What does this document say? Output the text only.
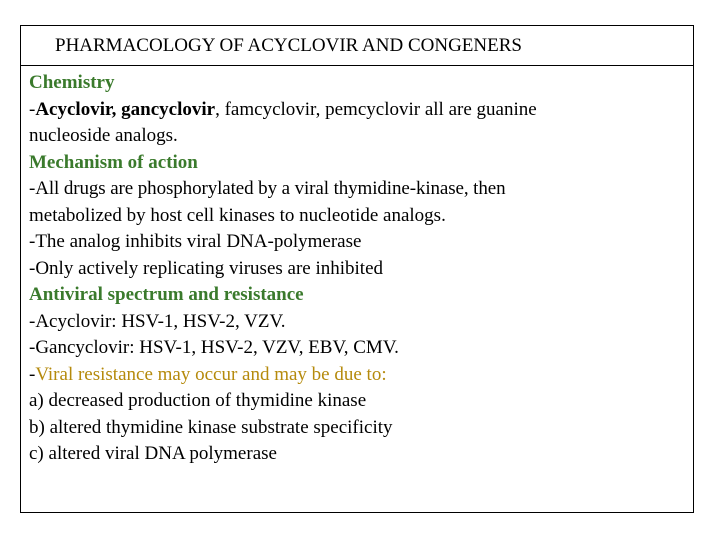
PHARMACOLOGY OF ACYCLOVIR AND CONGENERS

Chemistry

-Acyclovir, gancyclovir, famcyclovir, pemcyclovir all are guanine

nucleoside analogs.

Mechanism of action

-All drugs are phosphorylated by a viral thymidine-kinase, then

metabolized by host cell kinases to nucleotide analogs.

-The analog inhibits viral DNA-polymerase

-Only actively replicating viruses are inhibited

Antiviral spectrum and resistance

-Acyclovir: HSV-1, HSV-2, VZV.

-Gancyclovir: HSV-1, HSV-2, VZV, EBV, CMV.

-Viral resistance may occur and may be due to:

a) decreased production of thymidine kinase

b) altered thymidine kinase substrate specificity

c) altered viral DNA polymerase
